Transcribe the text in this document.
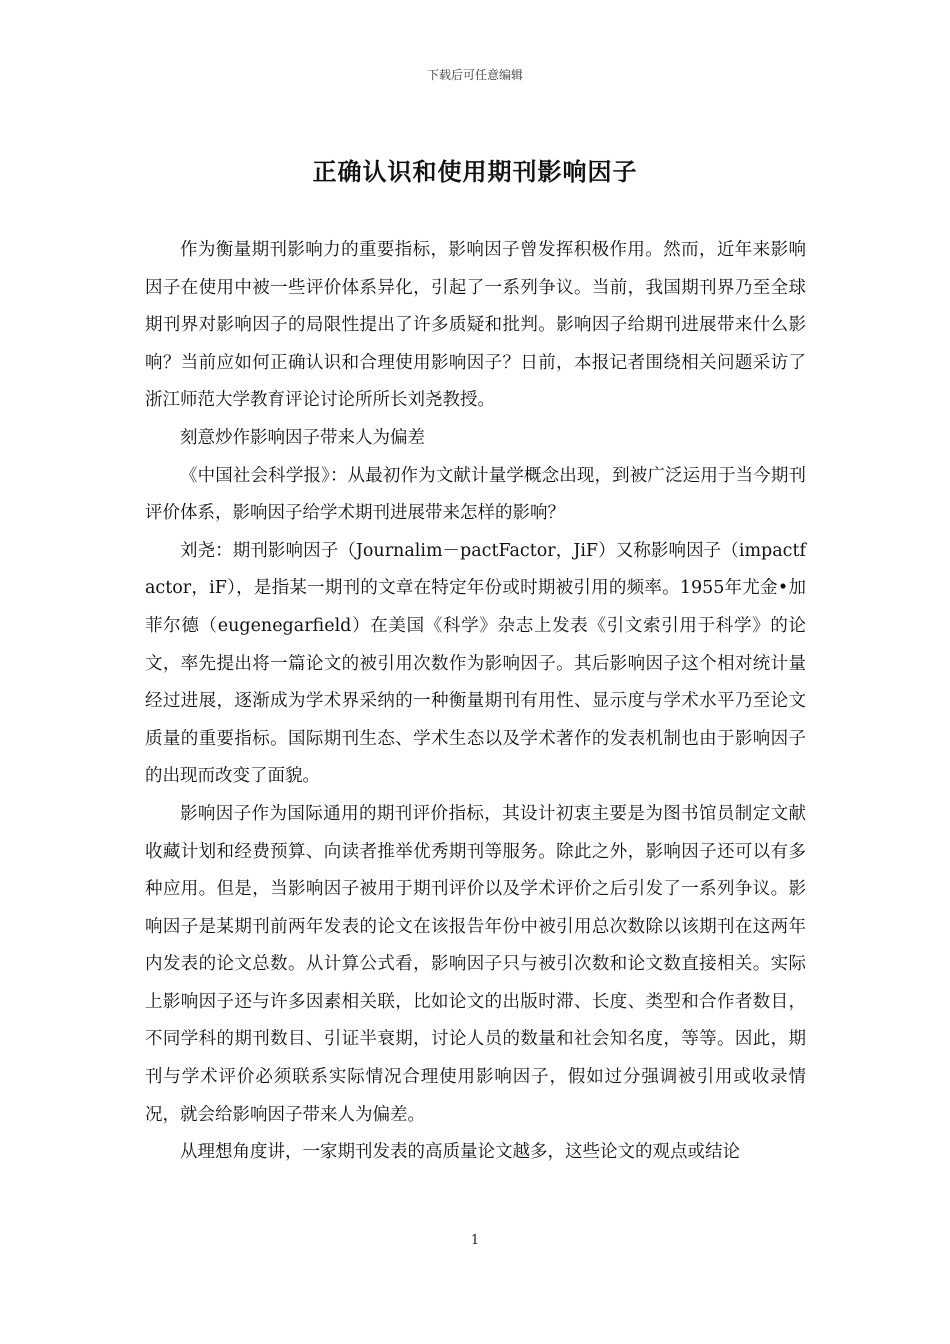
下载后可任意编辑
正确认识和使用期刊影响因子

作为衡量期刊影响力的重要指标，影响因子曾发挥积极作用。然而，近年来影响因子在使用中被一些评价体系异化，引起了一系列争议。当前，我国期刊界乃至全球期刊界对影响因子的局限性提出了许多质疑和批判。影响因子给期刊进展带来什么影响？当前应如何正确认识和合理使用影响因子？日前，本报记者围绕相关问题采访了浙江师范大学教育评论讨论所所长刘尧教授。

刻意炒作影响因子带来人为偏差

《中国社会科学报》：从最初作为文献计量学概念出现，到被广泛运用于当今期刊评价体系，影响因子给学术期刊进展带来怎样的影响？

刘尧：期刊影响因子（Journalim－pactFactor，JiF）又称影响因子（impactfactor，iF），是指某一期刊的文章在特定年份或时期被引用的频率。1955年尤金•加菲尔德（eugenegarfield）在美国《科学》杂志上发表《引文索引用于科学》的论文，率先提出将一篇论文的被引用次数作为影响因子。其后影响因子这个相对统计量经过进展，逐渐成为学术界采纳的一种衡量期刊有用性、显示度与学术水平乃至论文质量的重要指标。国际期刊生态、学术生态以及学术著作的发表机制也由于影响因子的出现而改变了面貌。

影响因子作为国际通用的期刊评价指标，其设计初衷主要是为图书馆员制定文献收藏计划和经费预算、向读者推举优秀期刊等服务。除此之外，影响因子还可以有多种应用。但是，当影响因子被用于期刊评价以及学术评价之后引发了一系列争议。影响因子是某期刊前两年发表的论文在该报告年份中被引用总次数除以该期刊在这两年内发表的论文总数。从计算公式看，影响因子只与被引次数和论文数直接相关。实际上影响因子还与许多因素相关联，比如论文的出版时滞、长度、类型和合作者数目，不同学科的期刊数目、引证半衰期，讨论人员的数量和社会知名度，等等。因此，期刊与学术评价必须联系实际情况合理使用影响因子，假如过分强调被引用或收录情况，就会给影响因子带来人为偏差。

从理想角度讲，一家期刊发表的高质量论文越多，这些论文的观点或结论

1
